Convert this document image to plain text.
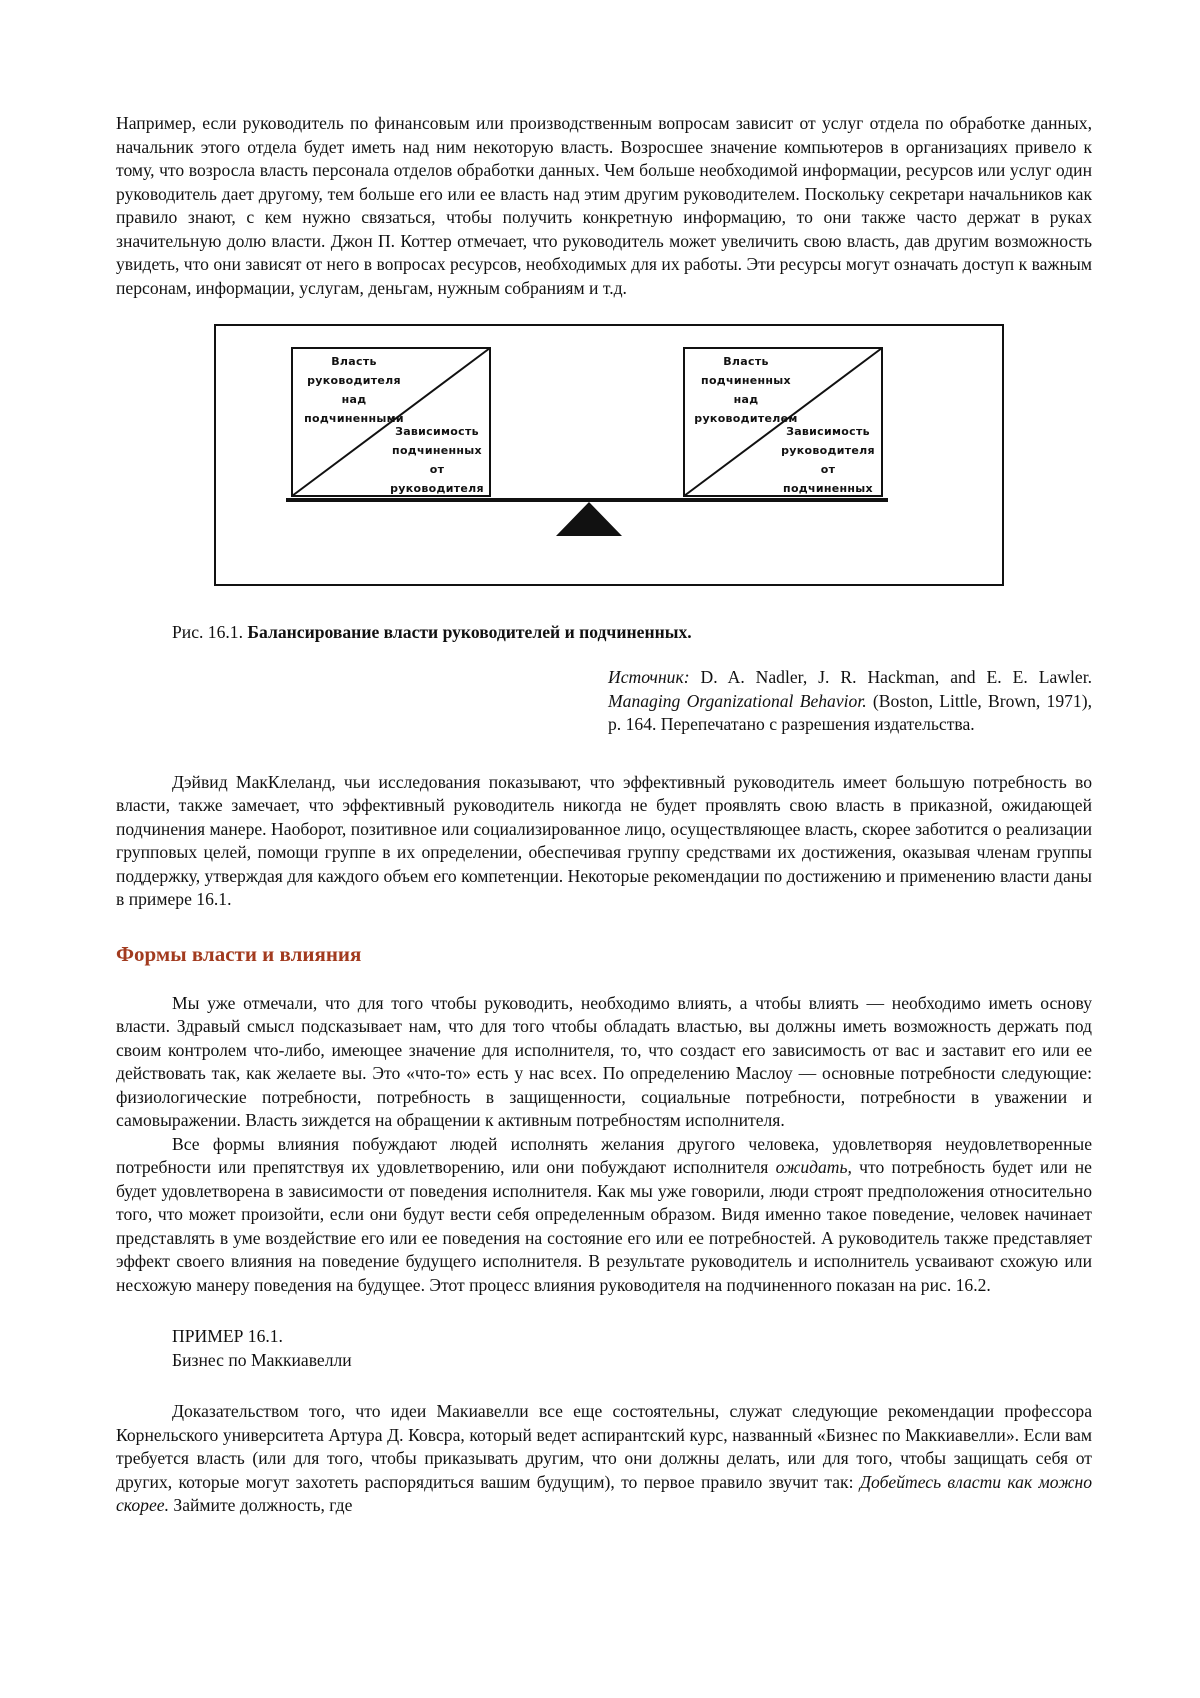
Например, если руководитель по финансовым или производственным вопросам зависит от услуг отдела по обработке данных, начальник этого отдела будет иметь над ним некоторую власть. Возросшее значение компьютеров в организациях привело к тому, что возросла власть персонала отделов обработки данных. Чем больше необходимой информации, ресурсов или услуг один руководитель дает другому, тем больше его или ее власть над этим другим руководителем. Поскольку секретари начальников как правило знают, с кем нужно связаться, чтобы получить конкретную информацию, то они также часто держат в руках значительную долю власти. Джон П. Коттер отмечает, что руководитель может увеличить свою власть, дав другим возможность увидеть, что они зависят от него в вопросах ресурсов, необходимых для их работы. Эти ресурсы могут означать доступ к важным персонам, информации, услугам, деньгам, нужным собраниям и т.д.

Власть
руководителя
над
подчиненными
Зависимость
подчиненных
от
руководителя
Власть
подчиненных
над
руководителем
Зависимость
руководителя
от
подчиненных
Рис. 16.1. Балансирование власти руководителей и подчиненных.
Источник: D. A. Nadler, J. R. Hackman, and E. E. Lawler. Managing Organizational Behavior. (Boston, Little, Brown, 1971), p. 164. Перепечатано с разрешения издательства.

Дэйвид МакКлеланд, чьи исследования показывают, что эффективный руководитель имеет большую потребность во власти, также замечает, что эффективный руководитель никогда не будет проявлять свою власть в приказной, ожидающей подчинения манере. Наоборот, позитивное или социализированное лицо, осуществляющее власть, скорее заботится о реализации групповых целей, помощи группе в их определении, обеспечивая группу средствами их достижения, оказывая членам группы поддержку, утверждая для каждого объем его компетенции. Некоторые рекомендации по достижению и применению власти даны в примере 16.1.

Формы власти и влияния

Мы уже отмечали, что для того чтобы руководить, необходимо влиять, а чтобы влиять — необходимо иметь основу власти. Здравый смысл подсказывает нам, что для того чтобы обладать властью, вы должны иметь возможность держать под своим контролем что-либо, имеющее значение для исполнителя, то, что создаст его зависимость от вас и заставит его или ее действовать так, как желаете вы. Это «что-то» есть у нас всех. По определению Маслоу — основные потребности следующие: физиологические потребности, потребность в защищенности, социальные потребности, потребности в уважении и самовыражении. Власть зиждется на обращении к активным потребностям исполнителя.

Все формы влияния побуждают людей исполнять желания другого человека, удовлетворяя неудовлетворенные потребности или препятствуя их удовлетворению, или они побуждают исполнителя ожидать, что потребность будет или не будет удовлетворена в зависимости от поведения исполнителя. Как мы уже говорили, люди строят предположения относительно того, что может произойти, если они будут вести себя определенным образом. Видя именно такое поведение, человек начинает представлять в уме воздействие его или ее поведения на состояние его или ее потребностей. А руководитель также представляет эффект своего влияния на поведение будущего исполнителя. В результате руководитель и исполнитель усваивают схожую или несхожую манеру поведения на будущее. Этот процесс влияния руководителя на подчиненного показан на рис. 16.2.

ПРИМЕР 16.1.
Бизнес по Маккиавелли

Доказательством того, что идеи Макиавелли все еще состоятельны, служат следующие рекомендации профессора Корнельского университета Артура Д. Ковсра, который ведет аспирантский курс, названный «Бизнес по Маккиавелли». Если вам требуется власть (или для того, чтобы приказывать другим, что они должны делать, или для того, чтобы защищать себя от других, которые могут захотеть распорядиться вашим будущим), то первое правило звучит так: Добейтесь власти как можно скорее. Займите должность, где
